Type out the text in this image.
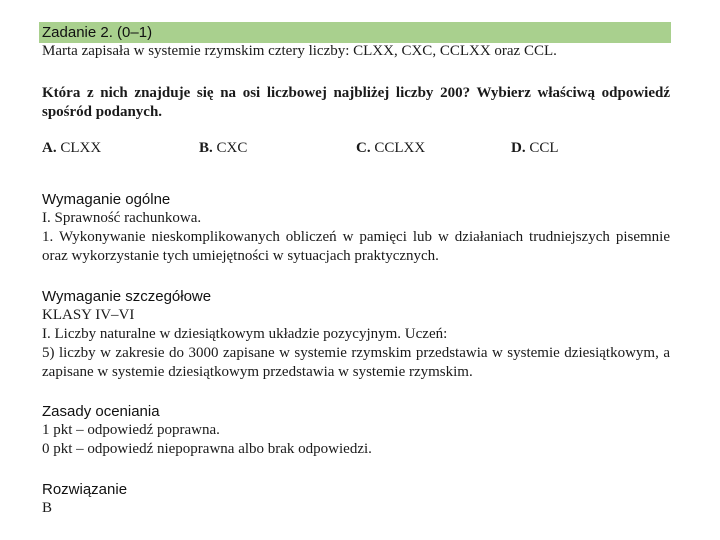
Zadanie 2. (0–1)
Marta zapisała w systemie rzymskim cztery liczby: CLXX, CXC, CCLXX oraz CCL.
Która z nich znajduje się na osi liczbowej najbliżej liczby 200? Wybierz właściwą odpowiedź spośród podanych.
A. CLXX	B. CXC	C. CCLXX	D. CCL
Wymaganie ogólne
I. Sprawność rachunkowa.
1. Wykonywanie nieskomplikowanych obliczeń w pamięci lub w działaniach trudniejszych pisemnie oraz wykorzystanie tych umiejętności w sytuacjach praktycznych.
Wymaganie szczegółowe
KLASY IV–VI
I. Liczby naturalne w dziesiątkowym układzie pozycyjnym. Uczeń:
5) liczby w zakresie do 3000 zapisane w systemie rzymskim przedstawia w systemie dziesiątkowym, a zapisane w systemie dziesiątkowym przedstawia w systemie rzymskim.
Zasady oceniania
1 pkt – odpowiedź poprawna.
0 pkt – odpowiedź niepoprawna albo brak odpowiedzi.
Rozwiązanie
B
